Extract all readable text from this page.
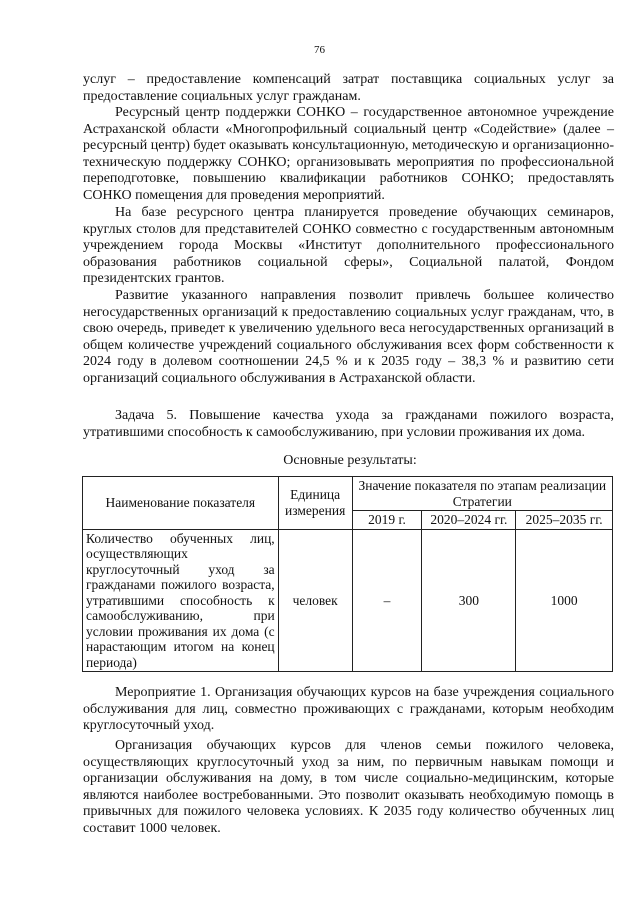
76

услуг – предоставление компенсаций затрат поставщика социальных услуг за предоставление социальных услуг гражданам.

Ресурсный центр поддержки СОНКО – государственное автономное учреждение Астраханской области «Многопрофильный социальный центр «Содействие» (далее – ресурсный центр) будет оказывать консультационную, методическую и организационно-техническую поддержку СОНКО; организовывать мероприятия по профессиональной переподготовке, повышению квалификации работников СОНКО; предоставлять СОНКО помещения для проведения мероприятий.

На базе ресурсного центра планируется проведение обучающих семинаров, круглых столов для представителей СОНКО совместно с государственным автономным учреждением города Москвы «Институт дополнительного профессионального образования работников социальной сферы», Социальной палатой, Фондом президентских грантов.

Развитие указанного направления позволит привлечь большее количество негосударственных организаций к предоставлению социальных услуг гражданам, что, в свою очередь, приведет к увеличению удельного веса негосударственных организаций в общем количестве учреждений социального обслуживания всех форм собственности к 2024 году в долевом соотношении 24,5 % и к 2035 году – 38,3 % и развитию сети организаций социального обслуживания в Астраханской области.

Задача 5. Повышение качества ухода за гражданами пожилого возраста, утратившими способность к самообслуживанию, при условии проживания их дома.

Основные результаты:
Наименование показателя	Единица измерения	Значение показателя по этапам реализации Стратегии		
		2019 г.	2020–2024 гг.	2025–2035 гг.
Количество обученных лиц, осуществляющих круглосуточный уход за гражданами пожилого возраста, утратившими способность к самообслуживанию, при условии проживания их дома (с нарастающим итогом на конец периода)	человек	–	300	1000

Мероприятие 1. Организация обучающих курсов на базе учреждения социального обслуживания для лиц, совместно проживающих с гражданами, которым необходим круглосуточный уход.

Организация обучающих курсов для членов семьи пожилого человека, осуществляющих круглосуточный уход за ним, по первичным навыкам помощи и организации обслуживания на дому, в том числе социально-медицинским, которые являются наиболее востребованными. Это позволит оказывать необходимую помощь в привычных для пожилого человека условиях. К 2035 году количество обученных лиц составит 1000 человек.
